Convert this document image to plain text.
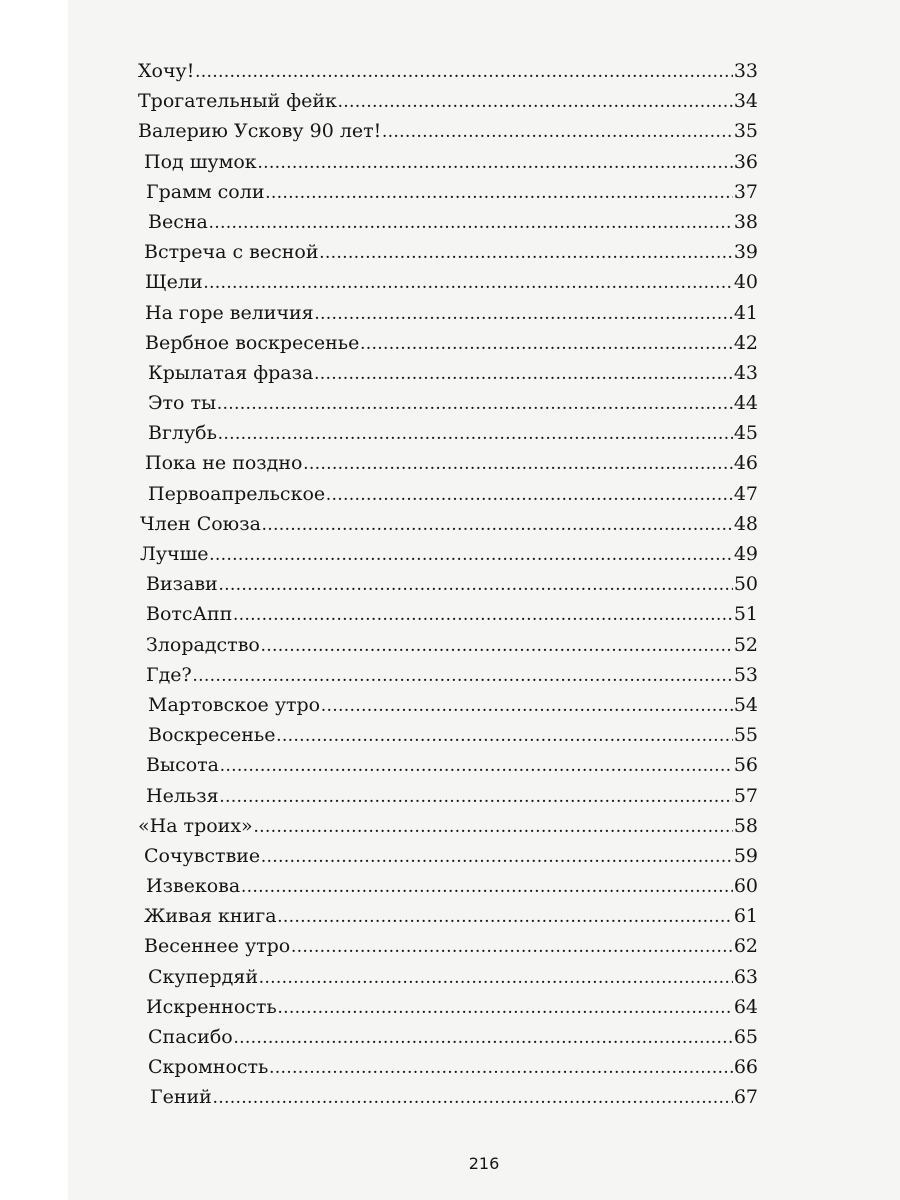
Хочу! .....	33
Трогательный фейк .....	34
Валерию Ускову 90 лет! .....	35
Под шумок .....	36
Грамм соли .....	37
Весна .....	38
Встреча с весной .....	39
Щели .....	40
На горе величия .....	41
Вербное воскресенье .....	42
Крылатая фраза .....	43
Это ты .....	44
Вглубь .....	45
Пока не поздно .....	46
Первоапрельское .....	47
Член Союза .....	48
Лучше .....	49
Визави .....	50
ВотсАпп .....	51
Злорадство .....	52
Где? .....	53
Мартовское утро .....	54
Воскресенье .....	55
Высота .....	56
Нельзя .....	57
«На троих» .....	58
Сочувствие .....	59
Извекова .....	60
Живая книга .....	61
Весеннее утро .....	62
Скупердяй .....	63
Искренность .....	64
Спасибо .....	65
Скромность .....	66
Гений .....	67
216
